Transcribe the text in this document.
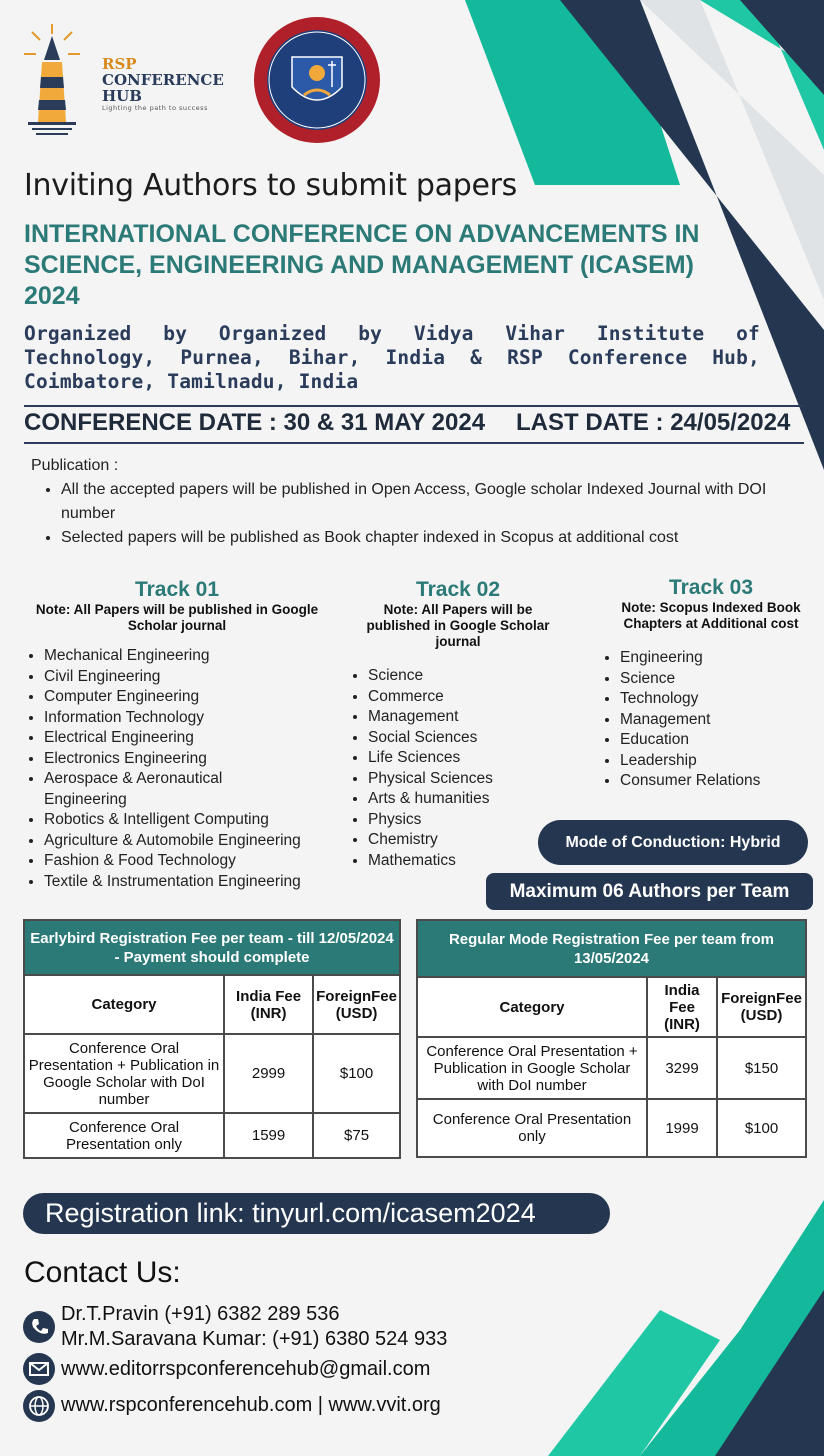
RSP
CONFERENCE
HUB
Lighting the path to success
Inviting Authors to submit papers
INTERNATIONAL CONFERENCE ON ADVANCEMENTS IN SCIENCE, ENGINEERING AND MANAGEMENT (ICASEM) 2024
Organized by Organized by Vidya Vihar Institute of Technology, Purnea, Bihar, India & RSP Conference Hub, Coimbatore, Tamilnadu, India
CONFERENCE DATE : 30 & 31 MAY 2024 LAST DATE : 24/05/2024
Publication :
• All the accepted papers will be published in Open Access, Google scholar Indexed Journal with DOI number
• Selected papers will be published as Book chapter indexed in Scopus at additional cost
Track 01
Note: All Papers will be published in Google Scholar journal
• Mechanical Engineering
• Civil Engineering
• Computer Engineering
• Information Technology
• Electrical Engineering
• Electronics Engineering
• Aerospace & Aeronautical Engineering
• Robotics & Intelligent Computing
• Agriculture & Automobile Engineering
• Fashion & Food Technology
• Textile & Instrumentation Engineering
Track 02
Note: All Papers will be published in Google Scholar journal
• Science
• Commerce
• Management
• Social Sciences
• Life Sciences
• Physical Sciences
• Arts & humanities
• Physics
• Chemistry
• Mathematics
Track 03
Note: Scopus Indexed Book Chapters at Additional cost
• Engineering
• Science
• Technology
• Management
• Education
• Leadership
• Consumer Relations
Mode of Conduction: Hybrid
Maximum 06 Authors per Team
Earlybird Registration Fee per team - till 12/05/2024 - Payment should complete		
Category	India Fee (INR)	ForeignFee (USD)
Conference Oral Presentation + Publication in Google Scholar with DoI number	2999	$100
Conference Oral Presentation only	1599	$75
Regular Mode Registration Fee per team from 13/05/2024		
Category	India Fee (INR)	ForeignFee (USD)
Conference Oral Presentation + Publication in Google Scholar with DoI number	3299	$150
Conference Oral Presentation only	1999	$100
Registration link: tinyurl.com/icasem2024
Contact Us:
Dr.T.Pravin (+91) 6382 289 536
Mr.M.Saravana Kumar: (+91) 6380 524 933
www.editorrspconferencehub@gmail.com
www.rspconferencehub.com | www.vvit.org
